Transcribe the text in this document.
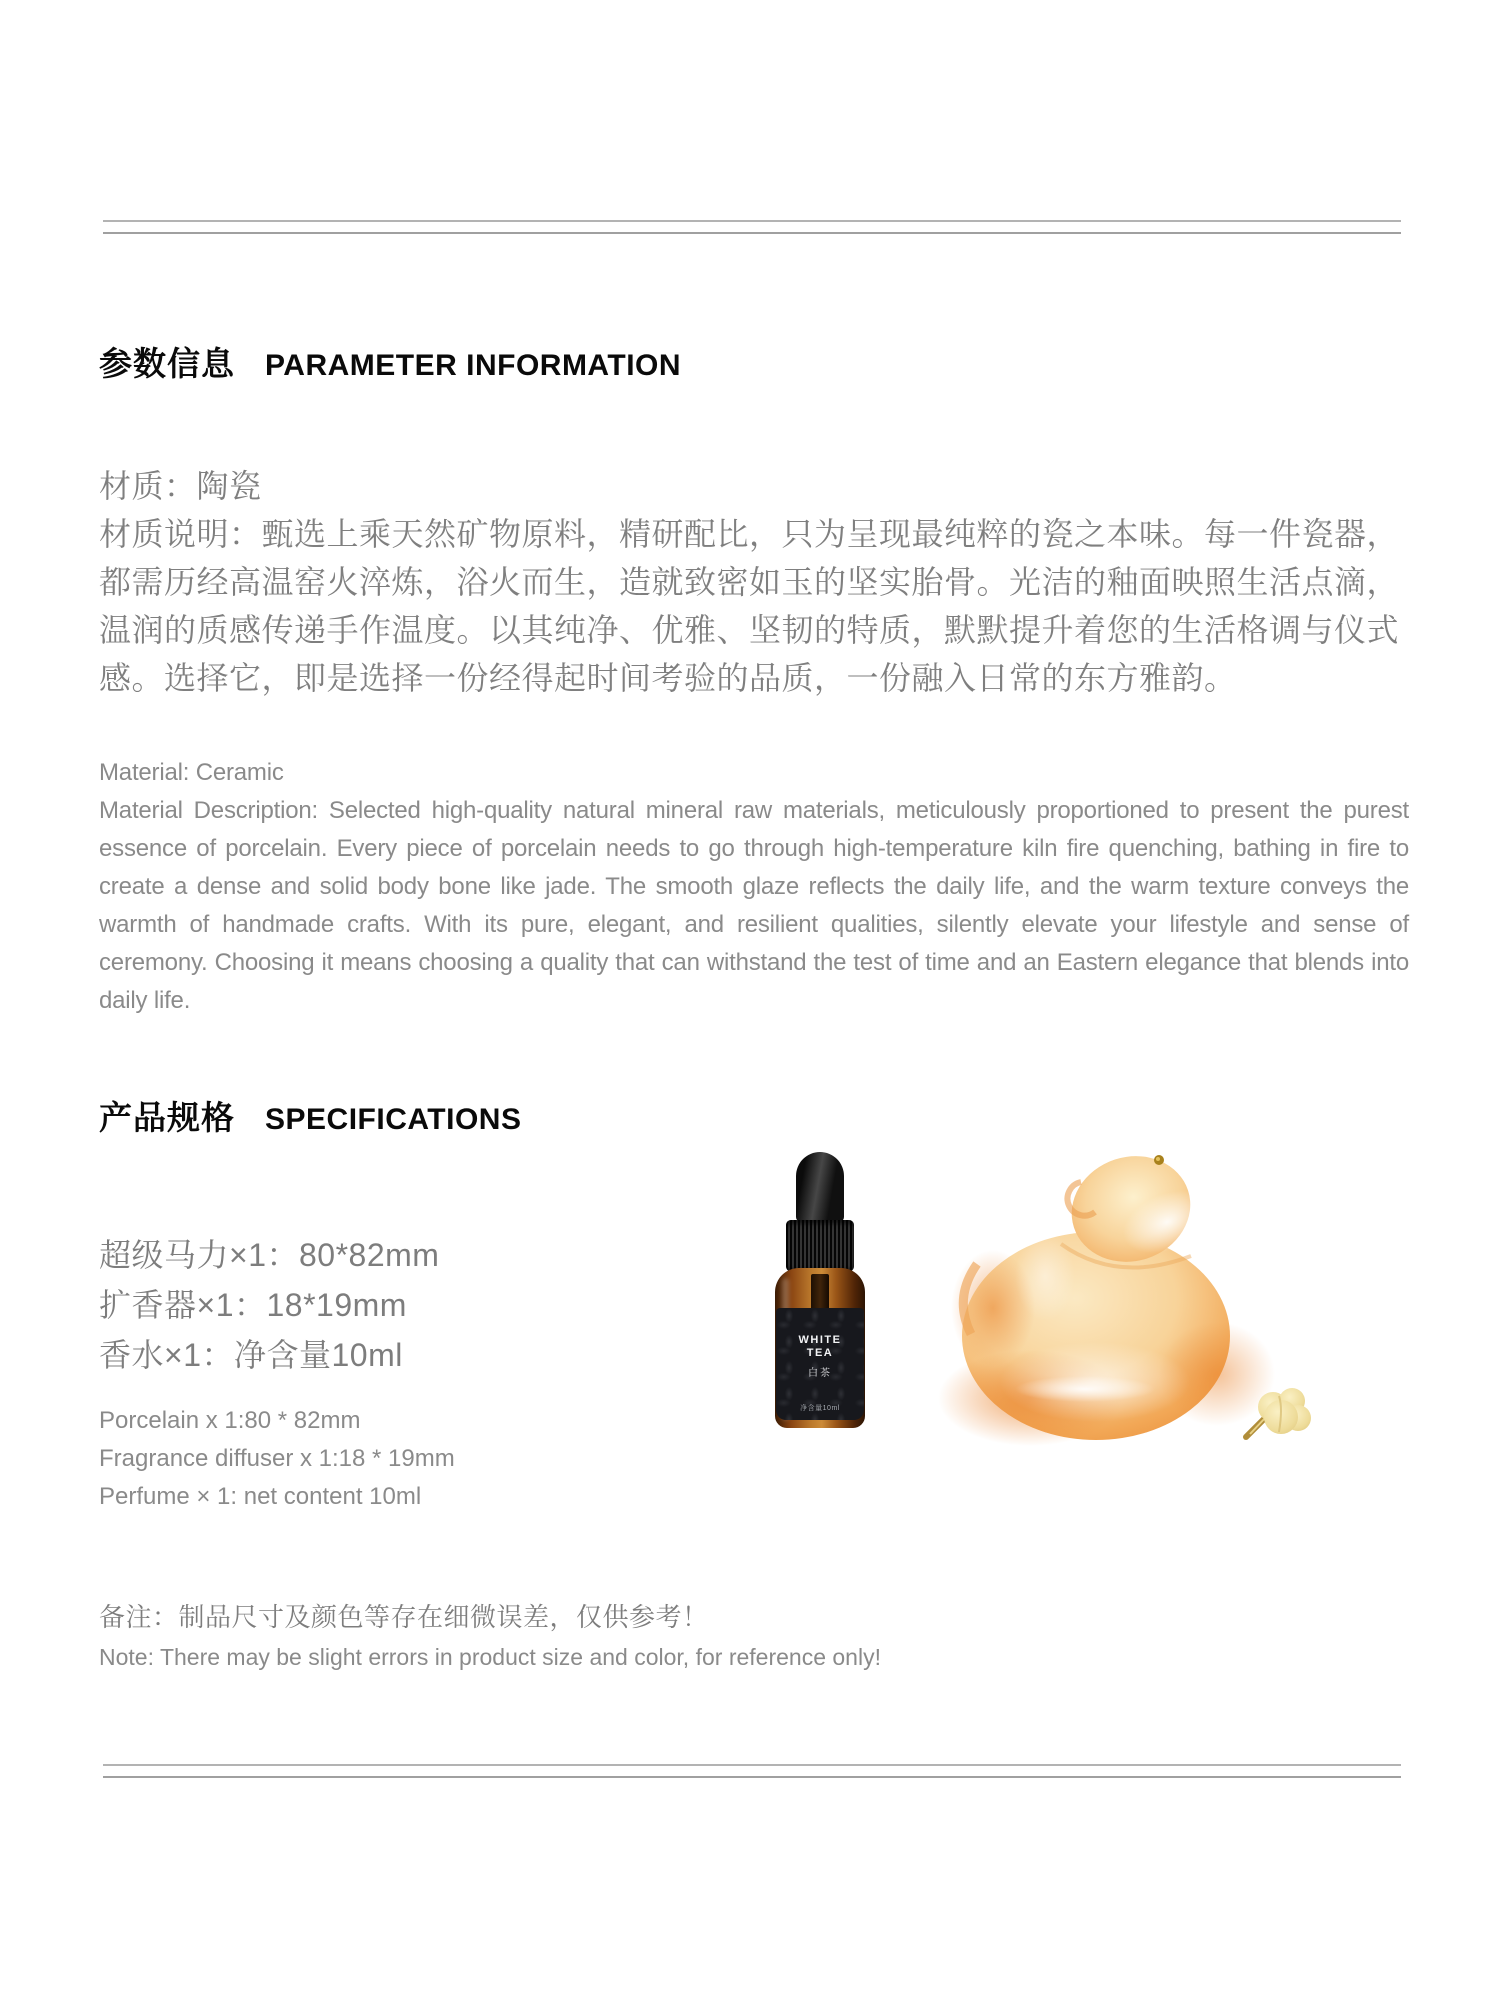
参数信息 PARAMETER INFORMATION
材质：陶瓷
材质说明：甄选上乘天然矿物原料，精研配比，只为呈现最纯粹的瓷之本味。每一件瓷器，都需历经高温窑火淬炼，浴火而生，造就致密如玉的坚实胎骨。光洁的釉面映照生活点滴，温润的质感传递手作温度。以其纯净、优雅、坚韧的特质，默默提升着您的生活格调与仪式感。选择它，即是选择一份经得起时间考验的品质，一份融入日常的东方雅韵。
Material: Ceramic
Material Description: Selected high-quality natural mineral raw materials, meticulously proportioned to present the purest essence of porcelain. Every piece of porcelain needs to go through high-temperature kiln fire quenching, bathing in fire to create a dense and solid body bone like jade. The smooth glaze reflects the daily life, and the warm texture conveys the warmth of handmade crafts. With its pure, elegant, and resilient qualities, silently elevate your lifestyle and sense of ceremony. Choosing it means choosing a quality that can withstand the test of time and an Eastern elegance that blends into daily life.
产品规格 SPECIFICATIONS
超级马力×1：80*82mm
扩香器×1：18*19mm
香水×1：净含量10ml
Porcelain x 1:80 * 82mm
Fragrance diffuser x 1:18 * 19mm
Perfume × 1: net content 10ml
WHITE
TEA
白茶
净含量10ml
备注：制品尺寸及颜色等存在细微误差，仅供参考！
Note: There may be slight errors in product size and color, for reference only!
